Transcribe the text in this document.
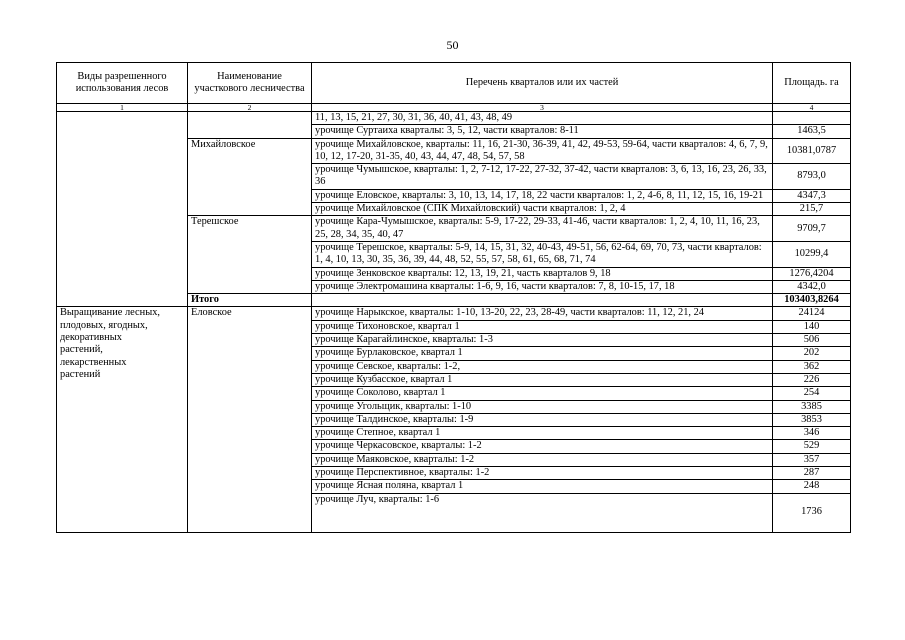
50
Виды разрешенного использования лесов	Наименование участкового лесничества	Перечень кварталов или их частей	Площадь. га
1	2	3	4
		11, 13, 15, 21, 27, 30, 31, 36, 40, 41, 43, 48, 49	
		урочище Суртаиха кварталы: 3, 5, 12, части кварталов: 8-11	1463,5
	Михайловское	урочище Михайловское, кварталы: 11, 16, 21-30, 36-39, 41, 42, 49-53, 59-64, части кварталов: 4, 6, 7, 9, 10, 12, 17-20, 31-35, 40, 43, 44, 47, 48, 54, 57, 58	10381,0787
		урочище Чумышское, кварталы: 1, 2, 7-12, 17-22, 27-32, 37-42, части кварталов: 3, 6, 13, 16, 23, 26, 33, 36	8793,0
		урочище Еловское, кварталы: 3, 10, 13, 14, 17, 18, 22 части кварталов: 1, 2, 4-6, 8, 11, 12, 15, 16, 19-21	4347,3
		урочище Михайловское (СПК Михайловский) части кварталов: 1, 2, 4	215,7
	Терешское	урочище Кара-Чумышское, кварталы: 5-9, 17-22, 29-33, 41-46, части кварталов: 1, 2, 4, 10, 11, 16, 23, 25, 28, 34, 35, 40, 47	9709,7
		урочище Терешское, кварталы: 5-9, 14, 15, 31, 32, 40-43, 49-51, 56, 62-64, 69, 70, 73, части кварталов: 1, 4, 10, 13, 30, 35, 36, 39, 44, 48, 52, 55, 57, 58, 61, 65, 68, 71, 74	10299,4
		урочище Зенковское кварталы: 12, 13, 19, 21, часть кварталов 9, 18	1276,4204
		урочище Электромашина кварталы: 1-6, 9, 16, части кварталов: 7, 8, 10-15, 17, 18	4342,0
	Итого		103403,8264
Выращивание лесных, плодовых, ягодных, декоративных растений, лекарственных растений	Еловское	урочище Нарыкское, кварталы: 1-10, 13-20, 22, 23, 28-49, части кварталов: 11, 12, 21, 24	24124
		урочище Тихоновское, квартал 1	140
		урочище Карагайлинское, кварталы: 1-3	506
		урочище Бурлаковское, квартал 1	202
		урочище Севское, кварталы: 1-2,	362
		урочище Кузбасское, квартал 1	226
		урочище Соколово, квартал 1	254
		урочище Угольщик, кварталы: 1-10	3385
		урочище Талдинское, кварталы: 1-9	3853
		урочище Степное, квартал 1	346
		урочище Черкасовское, кварталы: 1-2	529
		урочище Маяковское, кварталы: 1-2	357
		урочище Перспективное, кварталы: 1-2	287
		урочище Ясная поляна, квартал 1	248
		урочище Луч, кварталы: 1-6	1736
